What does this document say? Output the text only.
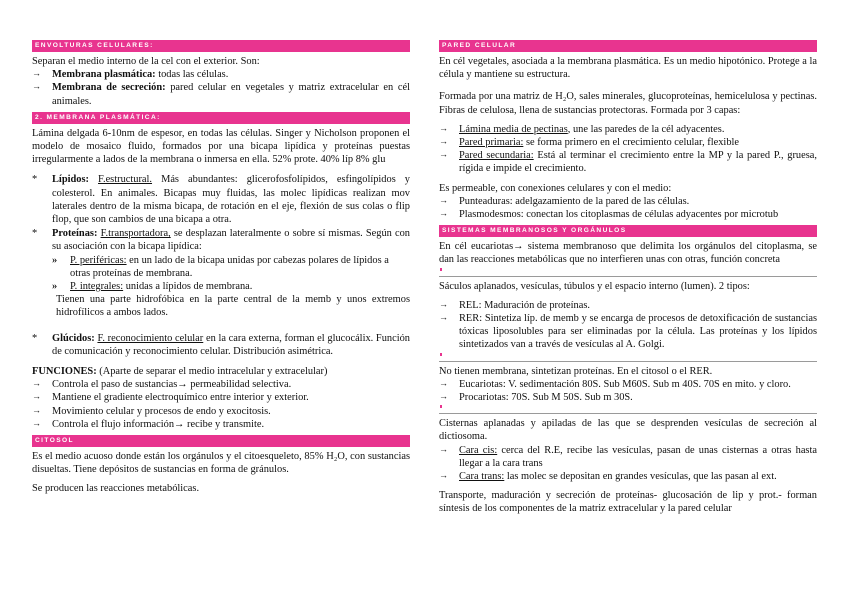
ENVOLTURAS CELULARES:

Separan el medio interno de la cel con el exterior. Son:

→	Membrana plasmática: todas las células.
→	Membrana de secreción: pared celular en vegetales y matriz extracelular en cél animales.
2. MEMBRANA PLASMÁTICA:

Lámina delgada 6-10nm de espesor, en todas las células. Singer y Nicholson proponen el modelo de mosaico fluido, formados por una bicapa lipídica y proteínas puestas irregularmente a lados de la membrana o inmersa en ella. 52% prote. 40% líp 8% glu

*	Lípidos: F.estructural. Más abundantes: glicerofosfolípidos, esfingolípidos y colesterol. En animales. Bicapas muy fluidas, las molec lipídicas realizan mov laterales dentro de la misma bicapa, de rotación en el eje, flexión de sus colas o flip flop, que son cambios de una bicapa a otra.
*	Proteínas: F.transportadora, se desplazan lateralmente o sobre sí mismas. Según con su asociación con la bicapa lipídica:
»	P. periféricas: en un lado de la bicapa unidas por cabezas polares de lípidos a otras proteínas de membrana.
»	P. integrales: unidas a lípidos de membrana.

Tienen una parte hidrofóbica en la parte central de la memb y unos extremos hidrofílicos a ambos lados.

*	Glúcidos: F. reconocimiento celular en la cara externa, forman el glucocálix. Función de comunicación y reconocimiento celular. Distribución asimétrica.
FUNCIONES: (Aparte de separar el medio intracelular y extracelular)
→	Controla el paso de sustancias→ permeabilidad selectiva.
→	Mantiene el gradiente electroquímico entre interior y exterior.
→	Movimiento celular y procesos de endo y exocitosis.
→	Controla el flujo información→ recibe y transmite.
CITOSOL

Es el medio acuoso donde están los orgánulos y el citoesqueleto, 85% H₂O, con sustancias disueltas. Tiene depósitos de sustancias en forma de gránulos.

Se producen las reacciones metabólicas.

PARED CELULAR

En cél vegetales, asociada a la membrana plasmática. Es un medio hipotónico. Protege a la célula y mantiene su estructura.

Formada por una matriz de H₂O, sales minerales, glucoproteínas, hemicelulosa y pectinas. Fibras de celulosa, llena de sustancias protectoras. Formada por 3 capas:

→	Lámina media de pectinas, une las paredes de la cél adyacentes.
→	Pared primaria: se forma primero en el crecimiento celular, flexible
→	Pared secundaria: Está al terminar el crecimiento entre la MP y la pared P., gruesa, rígida e impide el crecimiento.

Es permeable, con conexiones celulares y con el medio:

→	Punteaduras: adelgazamiento de la pared de las células.
→	Plasmodesmos: conectan los citoplasmas de células adyacentes por microtub
SISTEMAS MEMBRANOSOS Y ORGÁNULOS

En cél eucariotas→ sistema membranoso que delimita los orgánulos del citoplasma, se dan las reacciones metabólicas que no interfieren unas con otras, función concreta

Sáculos aplanados, vesículas, túbulos y el espacio interno (lumen). 2 tipos:

→	REL: Maduración de proteínas.
→	RER: Sintetiza líp. de memb y se encarga de procesos de detoxificación de sustancias tóxicas liposolubles para ser eliminadas por la célula. Las proteínas y los lípidos sintetizados van a través de vesículas al A. Golgi.

No tienen membrana, sintetizan proteínas. En el citosol o el RER.

→	Eucariotas: V. sedimentación 80S. Sub M60S. Sub m 40S. 70S en mito. y cloro.
→	Procariotas: 70S. Sub M 50S. Sub m 30S.

Cisternas aplanadas y apiladas de las que se desprenden vesículas de secreción al dictiosoma.

→	Cara cis: cerca del R.E, recibe las vesículas, pasan de unas cisternas a otras hasta llegar a la cara trans
→	Cara trans: las molec se depositan en grandes vesículas, que las pasan al ext.

Transporte, maduración y secreción de proteínas- glucosación de lip y prot.- forman síntesis de los componentes de la matriz extracelular y la pared celular
